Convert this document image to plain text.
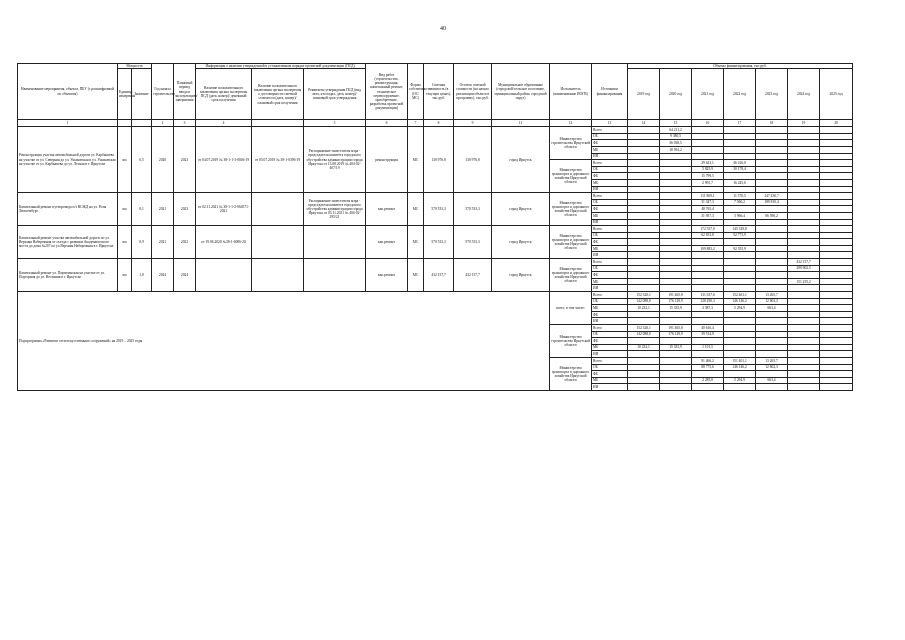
40
Наименование мероприятия, объекта, ПБУ (с расшифровкой по объектам)	Мощность		Год начала строительства	Плановый период ввода в эксплуатацию/завершения	Информация о наличии утвержденной в установленном порядке проектной документации (ПСД).			Вид работ (строительство, реконструкция, капитальный ремонт, техническое перевооружение, приобретение, разработка проектной документации)	Форма собственности (ОС/МС)	Сметная стоимость (в текущих ценах), тыс.руб.	Остаток сметной стоимости (на начало реализации объекта в программу), тыс.руб.	Муниципальное образование (городской/сельское поселение, муниципальный район, городской округ)	Исполнитель (наименование ИОГВ)	Источники финансирования	Объемы финансирования, тыс.руб.						
	Единица измерения	Значение			Наличие положительного заключения органа экспертизы ПСД (дата, номер)/ денежный срок получения	Наличие положительного заключения органа экспертизы о достоверности сметной стоимости (дата, номер)/ плановый срок получения	Реквизиты утверждения ПСД (вид акта, кто издал, дата, номер)/ плановый срок утверждения								2019 год	2020 год	2021 год	2022 год	2023 год	2024 год	2025 год

1			2	3	4		5	6	7	8	9	11	12	13	14	15	16	17	18	19	20
Реконструкция участка автомобильной дороги ул. Карбышева на участке от ул. Северная до ул. Ушаковская и ул. Ушаковская на участке от ул. Карбышева до ул. Лесная в г. Иркутске	км	0,5	2020	2023	от 04.07.2019 № 38-1-1-3-0046-19	от 05.07.2019 № 38-1-0396-19	Распоряжение заместителя мэра - председателя комитета городского обустройства администрации города Иркутска от 13.08.2019 № 404-02-467/19	реконструкция	МС	130 976,8	130 976,8	город Иркутск	Министерство строительства Иркутской области	Всего		64 211,2					
														ОБ		9 380,5					
														ФБ		36 038,5					
														МБ		18 592,2					
														ИИ							
													Министерство транспорта и дорожного хозяйства Иркутской области	Всего			29 623,1	46 416,0			
														ОБ			5 825,9	30 178,4			
														ФБ			15 799,5				
														МБ			2 991,7	16 245,6			
														ИИ							
Капитальный ремонт путепровода п/з ВСЖД на ул. Розы Люксембург	км	0,1	2021	2023	от 02.11.2021 № 38-1-1-2-064571-2021		Распоряжение заместителя мэра - председателя комитета городского обустройства администрации города Иркутска от 03.11.2021 № 404-02-295/21	кап.ремонт	МС	570 533,3	570 533,3	город Иркутск	Министерство транспорта и дорожного хозяйства Иркутской области	Всего			111 869,1	11 370,5	247 430,7		
														ОБ			31 347,3	7 566,2	189 810,4		
														ФБ			48 765,4				
														МБ			31 957,3	3 966,4	86 590,2		
														ИИ							
Капитальный ремонт участка автомобильной дороги по ул. Верхняя Набережная от съезда с развязки Академического моста до дома №207 по ул.Верхняя Набережная в г. Иркутске	км	0,9	2021	2022	от 19.06.2020 №38-1-6006-20			кап.ремонт	МС	570 533,3	570 533,3	город Иркутск	Министерство транспорта и дорожного хозяйства Иркутской области	Всего			172 537,0	145 329,8			
														ОБ			62 653,8	52 773,9			
														ФБ							
														МБ			109 883,2	92 555,9			
														ИИ							
Капитальный ремонт ул. Партизанская на участке от ул. Подгорная до ул. Весенняя в г. Иркутске	км	1,0	2024	2024				кап.ремонт	МС	432 157,7	432 157,7	город Иркутск	Министерство транспорта и дорожного хозяйства Иркутской области	Всего						432 157,7	
														ОБ						280 902,5	
														ФБ							
														МБ						151 255,2	
														ИИ							
Подпрограмма «Развитие сети искусственных сооружений» на 2019 – 2025 годы													всего, в том числе:	Всего	152 320,1	191 465,8	131 637,6	152 461,1	13 265,7		
														ОБ	142 088,0	176 129,9	128 290,3	146 146,2	12 602,3		
														МБ	10 232,1	15 335,9	3 387,3	5 294,9	663,4		
														ФБ							
														ИИ							
													Министерство строительства Иркутской области	Всего	152 320,1	191 465,8	40 616,4				
														ОБ	142 088,0	176 129,9	39 514,9				
														ФБ							
														МБ	10 232,1	15 335,9	1 101,5				
														ИИ							
													Министерство транспорта и дорожного хозяйства Иркутской области	Всего			91 466,2	151 401,1	13 265,7		
														ОБ			88 775,6	146 146,2	12 602,3		
														ФБ							
														МБ			2 285,8	5 294,9	663,4		
														ИИ							
